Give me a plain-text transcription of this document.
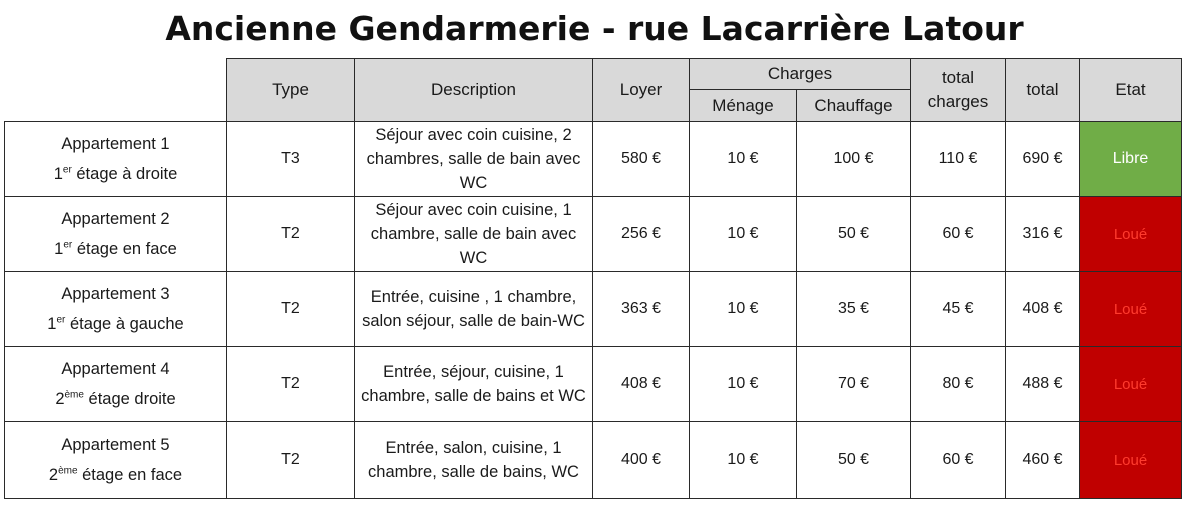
Ancienne Gendarmerie - rue Lacarrière Latour
	Type	Description	Loyer	Charges		total charges	total	Etat
				Ménage	Chauffage			

Appartement 1
1er étage à droite	T3	Séjour avec coin cuisine, 2 chambres, salle de bain avec WC	580 €	10 €	100 €	110 €	690 €	Libre

Appartement 2
1er étage en face	T2	Séjour avec coin cuisine, 1 chambre, salle de bain avec WC	256 €	10 €	50 €	60 €	316 €	Loué

Appartement 3
1er étage à gauche	T2	Entrée, cuisine , 1 chambre, salon séjour, salle de bain-WC	363 €	10 €	35 €	45 €	408 €	Loué

Appartement 4
2ème étage droite	T2	Entrée, séjour, cuisine, 1 chambre, salle de bains et WC	408 €	10 €	70 €	80 €	488 €	Loué

Appartement 5
2ème étage en face	T2	Entrée, salon, cuisine, 1 chambre, salle de bains, WC	400 €	10 €	50 €	60 €	460 €	Loué
